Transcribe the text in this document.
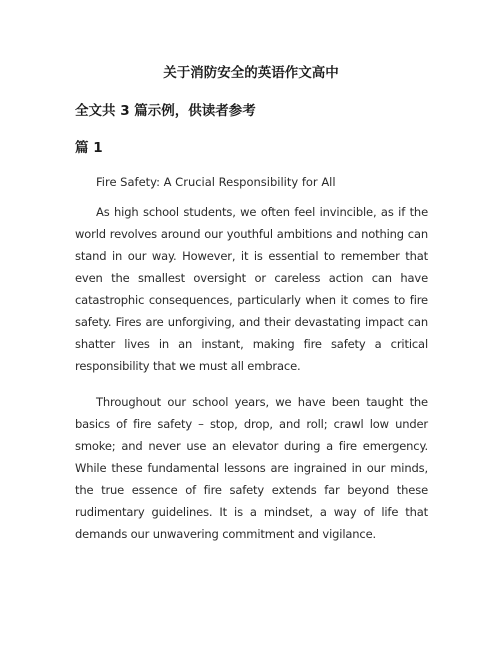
关于消防安全的英语作文高中
全文共 3 篇示例，供读者参考
篇 1
Fire Safety: A Crucial Responsibility for All

As high school students, we often feel invincible, as if the world revolves around our youthful ambitions and nothing can stand in our way. However, it is essential to remember that even the smallest oversight or careless action can have catastrophic consequences, particularly when it comes to fire safety. Fires are unforgiving, and their devastating impact can shatter lives in an instant, making fire safety a critical responsibility that we must all embrace.

Throughout our school years, we have been taught the basics of fire safety – stop, drop, and roll; crawl low under smoke; and never use an elevator during a fire emergency. While these fundamental lessons are ingrained in our minds, the true essence of fire safety extends far beyond these rudimentary guidelines. It is a mindset, a way of life that demands our unwavering commitment and vigilance.
